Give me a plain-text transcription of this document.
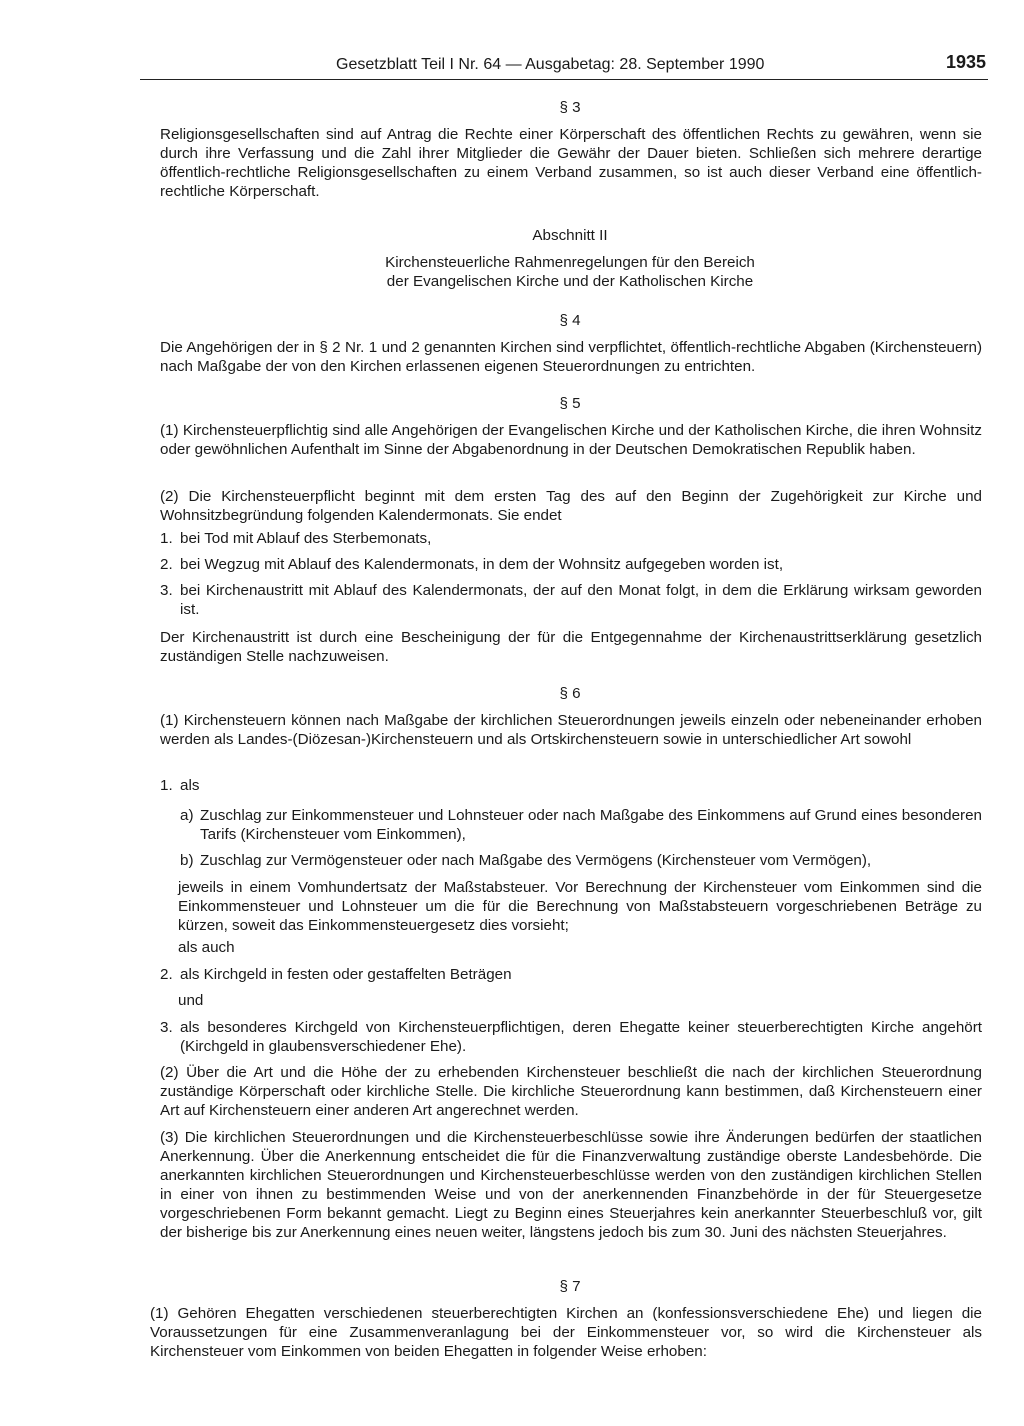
Gesetzblatt Teil I Nr. 64 — Ausgabetag: 28. September 1990	1935
§ 3
Religionsgesellschaften sind auf Antrag die Rechte einer Körperschaft des öffentlichen Rechts zu gewähren, wenn sie durch ihre Verfassung und die Zahl ihrer Mitglieder die Gewähr der Dauer bieten. Schließen sich mehrere derartige öffentlich-rechtliche Religionsgesellschaften zu einem Verband zusammen, so ist auch dieser Verband eine öffentlich-rechtliche Körperschaft.
Abschnitt II
Kirchensteuerliche Rahmenregelungen für den Bereich
der Evangelischen Kirche und der Katholischen Kirche
§ 4
Die Angehörigen der in § 2 Nr. 1 und 2 genannten Kirchen sind verpflichtet, öffentlich-rechtliche Abgaben (Kirchensteuern) nach Maßgabe der von den Kirchen erlassenen eigenen Steuerordnungen zu entrichten.
§ 5
(1) Kirchensteuerpflichtig sind alle Angehörigen der Evangelischen Kirche und der Katholischen Kirche, die ihren Wohnsitz oder gewöhnlichen Aufenthalt im Sinne der Abgabenordnung in der Deutschen Demokratischen Republik haben.
(2) Die Kirchensteuerpflicht beginnt mit dem ersten Tag des auf den Beginn der Zugehörigkeit zur Kirche und Wohnsitzbegründung folgenden Kalendermonats. Sie endet
1. bei Tod mit Ablauf des Sterbemonats,
2. bei Wegzug mit Ablauf des Kalendermonats, in dem der Wohnsitz aufgegeben worden ist,
3. bei Kirchenaustritt mit Ablauf des Kalendermonats, der auf den Monat folgt, in dem die Erklärung wirksam geworden ist.
Der Kirchenaustritt ist durch eine Bescheinigung der für die Entgegennahme der Kirchenaustrittserklärung gesetzlich zuständigen Stelle nachzuweisen.
§ 6
(1) Kirchensteuern können nach Maßgabe der kirchlichen Steuerordnungen jeweils einzeln oder nebeneinander erhoben werden als Landes-(Diözesan-)Kirchensteuern und als Ortskirchensteuern sowie in unterschiedlicher Art sowohl
1. als
a) Zuschlag zur Einkommensteuer und Lohnsteuer oder nach Maßgabe des Einkommens auf Grund eines besonderen Tarifs (Kirchensteuer vom Einkommen),
b) Zuschlag zur Vermögensteuer oder nach Maßgabe des Vermögens (Kirchensteuer vom Vermögen),
jeweils in einem Vomhundertsatz der Maßstabsteuer. Vor Berechnung der Kirchensteuer vom Einkommen sind die Einkommensteuer und Lohnsteuer um die für die Berechnung von Maßstabsteuern vorgeschriebenen Beträge zu kürzen, soweit das Einkommensteuergesetz dies vorsieht;
als auch
2. als Kirchgeld in festen oder gestaffelten Beträgen
und
3. als besonderes Kirchgeld von Kirchensteuerpflichtigen, deren Ehegatte keiner steuerberechtigten Kirche angehört (Kirchgeld in glaubensverschiedener Ehe).
(2) Über die Art und die Höhe der zu erhebenden Kirchensteuer beschließt die nach der kirchlichen Steuerordnung zuständige Körperschaft oder kirchliche Stelle. Die kirchliche Steuerordnung kann bestimmen, daß Kirchensteuern einer Art auf Kirchensteuern einer anderen Art angerechnet werden.
(3) Die kirchlichen Steuerordnungen und die Kirchensteuerbeschlüsse sowie ihre Änderungen bedürfen der staatlichen Anerkennung. Über die Anerkennung entscheidet die für die Finanzverwaltung zuständige oberste Landesbehörde. Die anerkannten kirchlichen Steuerordnungen und Kirchensteuerbeschlüsse werden von den zuständigen kirchlichen Stellen in einer von ihnen zu bestimmenden Weise und von der anerkennenden Finanzbehörde in der für Steuergesetze vorgeschriebenen Form bekannt gemacht. Liegt zu Beginn eines Steuerjahres kein anerkannter Steuerbeschluß vor, gilt der bisherige bis zur Anerkennung eines neuen weiter, längstens jedoch bis zum 30. Juni des nächsten Steuerjahres.
§ 7
(1) Gehören Ehegatten verschiedenen steuerberechtigten Kirchen an (konfessionsverschiedene Ehe) und liegen die Voraussetzungen für eine Zusammenveranlagung bei der Einkommensteuer vor, so wird die Kirchensteuer als Kirchensteuer vom Einkommen von beiden Ehegatten in folgender Weise erhoben:
